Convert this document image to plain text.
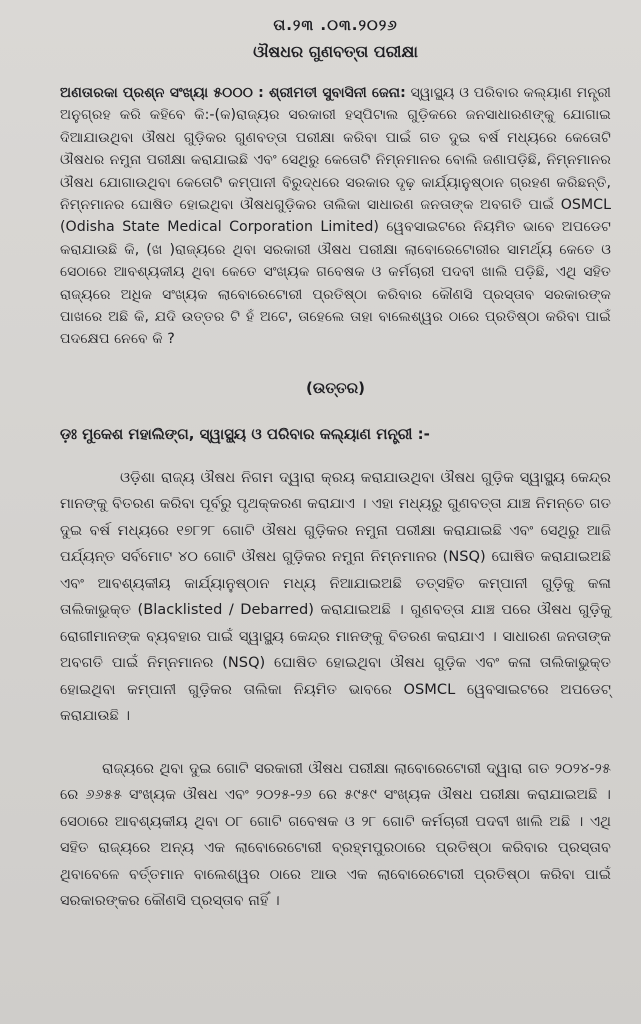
ତା.୨୩ .୦୩.୨୦୨୬
ଔଷଧର ଗୁଣବତ୍ତା ପରୀକ୍ଷା

ଅଣତାରକା ପ୍ରଶ୍ନ ସଂଖ୍ୟା ୫୦୦୦ : ଶ୍ରୀମତୀ ସୁବାସିନୀ ଜେନା: ସ୍ୱାସ୍ଥ୍ୟ ଓ ପରିବାର କଲ୍ୟାଣ ମନ୍ତ୍ରୀ ଅନୁଗ୍ରହ କରି କହିବେ କି:-(କ)ରାଜ୍ୟର ସରକାରୀ ହସ୍ପିଟାଲ ଗୁଡ଼ିକରେ ଜନସାଧାରଣଙ୍କୁ ଯୋଗାଇ ଦିଆଯାଉଥିବା ଔଷଧ ଗୁଡ଼ିକର ଗୁଣବତ୍ତା ପରୀକ୍ଷା କରିବା ପାଇଁ ଗତ ଦୁଇ ବର୍ଷ ମଧ୍ୟରେ କେତୋଟି ଔଷଧର ନମୁନା ପରୀକ୍ଷା କରାଯାଇଛି ଏବଂ ସେଥିରୁ କେତୋଟି ନିମ୍ନମାନର ବୋଲି ଜଣାପଡ଼ିଛି, ନିମ୍ନମାନର ଔଷଧ ଯୋଗାଉଥିବା କେତୋଟି କମ୍ପାନୀ ବିରୁଦ୍ଧରେ ସରକାର ଦୃଢ଼ କାର୍ଯ୍ୟାନୁଷ୍ଠାନ ଗ୍ରହଣ କରିଛନ୍ତି, ନିମ୍ନମାନର ଘୋଷିତ ହୋଇଥିବା ଔଷଧଗୁଡ଼ିକର ତାଲିକା ସାଧାରଣ ଜନତାଙ୍କ ଅବଗତି ପାଇଁ OSMCL (Odisha State Medical Corporation Limited) ୱେବସାଇଟରେ ନିୟମିତ ଭାବେ ଅପଡେଟ କରାଯାଉଛି କି, (ଖ )ରାଜ୍ୟରେ ଥିବା ସରକାରୀ ଔଷଧ ପରୀକ୍ଷା ଲାବୋରେଟୋରୀର ସାମର୍ଥ୍ୟ କେତେ ଓ ସେଠାରେ ଆବଶ୍ୟକୀୟ ଥିବା କେତେ ସଂଖ୍ୟକ ଗବେଷକ ଓ କର୍ମଚାରୀ ପଦବୀ ଖାଲି ପଡ଼ିଛି, ଏଥି ସହିତ ରାଜ୍ୟରେ ଅଧିକ ସଂଖ୍ୟକ ଲାବୋରେଟୋରୀ ପ୍ରତିଷ୍ଠା କରିବାର କୌଣସି ପ୍ରସ୍ତାବ ସରକାରଙ୍କ ପାଖରେ ଅଛି କି, ଯଦି ଉତ୍ତର ଟି ହଁ ଅଟେ, ତାହେଲେ ତାହା ବାଲେଶ୍ୱର ଠାରେ ପ୍ରତିଷ୍ଠା କରିବା ପାଇଁ ପଦକ୍ଷେପ ନେବେ କି ?

(ଉତ୍ତର)
ଡ଼ଃ ମୁକେଶ ମହାଲିଙ୍ଗ, ସ୍ୱାସ୍ଥ୍ୟ ଓ ପରିବାର କଲ୍ୟାଣ ମନ୍ତ୍ରୀ :-

ଓଡ଼ିଶା ରାଜ୍ୟ ଔଷଧ ନିଗମ ଦ୍ୱାରା କ୍ରୟ କରାଯାଉଥିବା ଔଷଧ ଗୁଡ଼ିକ ସ୍ୱାସ୍ଥ୍ୟ କେନ୍ଦ୍ର ମାନଙ୍କୁ ବିତରଣ କରିବା ପୂର୍ବରୁ ପୃଥକ୍‌କରଣ କରାଯାଏ । ଏହା ମଧ୍ୟରୁ ଗୁଣବତ୍ତା ଯାଞ୍ଚ ନିମନ୍ତେ ଗତ ଦୁଇ ବର୍ଷ ମଧ୍ୟରେ ୧୭୮୨୮ ଗୋଟି ଔଷଧ ଗୁଡ଼ିକର ନମୁନା ପରୀକ୍ଷା କରାଯାଇଛି ଏବଂ ସେଥିରୁ ଆଜି ପର୍ଯ୍ୟନ୍ତ ସର୍ବମୋଟ ୪୦ ଗୋଟି ଔଷଧ ଗୁଡ଼ିକର ନମୁନା ନିମ୍ନମାନର (NSQ) ଘୋଷିତ କରାଯାଇଅଛି ଏବଂ ଆବଶ୍ୟକୀୟ କାର୍ଯ୍ୟାନୁଷ୍ଠାନ ମଧ୍ୟ ନିଆଯାଇଅଛି ତତ୍‌ସହିତ କମ୍ପାନୀ ଗୁଡ଼ିକୁ କଳା ତାଲିକାଭୁକ୍ତ (Blacklisted / Debarred) କରାଯାଇଅଛି । ଗୁଣବତ୍ତା ଯାଞ୍ଚ ପରେ ଔଷଧ ଗୁଡ଼ିକୁ ରୋଗୀମାନଙ୍କ ବ୍ୟବହାର ପାଇଁ ସ୍ୱାସ୍ଥ୍ୟ କେନ୍ଦ୍ର ମାନଙ୍କୁ ବିତରଣ କରାଯାଏ । ସାଧାରଣ ଜନତାଙ୍କ ଅବଗତି ପାଇଁ ନିମ୍ନମାନର (NSQ) ଘୋଷିତ ହୋଇଥିବା ଔଷଧ ଗୁଡ଼ିକ ଏବଂ କଳା ତାଲିକାଭୁକ୍ତ ହୋଇଥିବା କମ୍ପାନୀ ଗୁଡ଼ିକର ତାଲିକା ନିୟମିତ ଭାବରେ OSMCL ୱେବସାଇଟରେ ଅପଡେଟ୍ କରାଯାଉଛି ।

ରାଜ୍ୟରେ ଥିବା ଦୁଇ ଗୋଟି ସରକାରୀ ଔଷଧ ପରୀକ୍ଷା ଲାବୋରେଟୋରୀ ଦ୍ୱାରା ଗତ ୨୦୨୪-୨୫ ରେ ୬୬୫୫ ସଂଖ୍ୟକ ଔଷଧ ଏବଂ ୨୦୨୫-୨୬ ରେ ୫୯୫୯ ସଂଖ୍ୟକ ଔଷଧ ପରୀକ୍ଷା କରାଯାଇଅଛି । ସେଠାରେ ଆବଶ୍ୟକୀୟ ଥିବା ୦୮ ଗୋଟି ଗବେଷକ ଓ ୨୮ ଗୋଟି କର୍ମଚାରୀ ପଦବୀ ଖାଲି ଅଛି । ଏଥି ସହିତ ରାଜ୍ୟରେ ଅନ୍ୟ ଏକ ଲାବୋରେଟୋରୀ ବ୍ରହ୍ମପୁରଠାରେ ପ୍ରତିଷ୍ଠା କରିବାର ପ୍ରସ୍ତାବ ଥିବାବେଳେ ବର୍ତ୍ତମାନ ବାଲେଶ୍ୱର ଠାରେ ଆଉ ଏକ ଲାବୋରେଟୋରୀ ପ୍ରତିଷ୍ଠା କରିବା ପାଇଁ ସରକାରଙ୍କର କୌଣସି ପ୍ରସ୍ତାବ ନାହିଁ ।
